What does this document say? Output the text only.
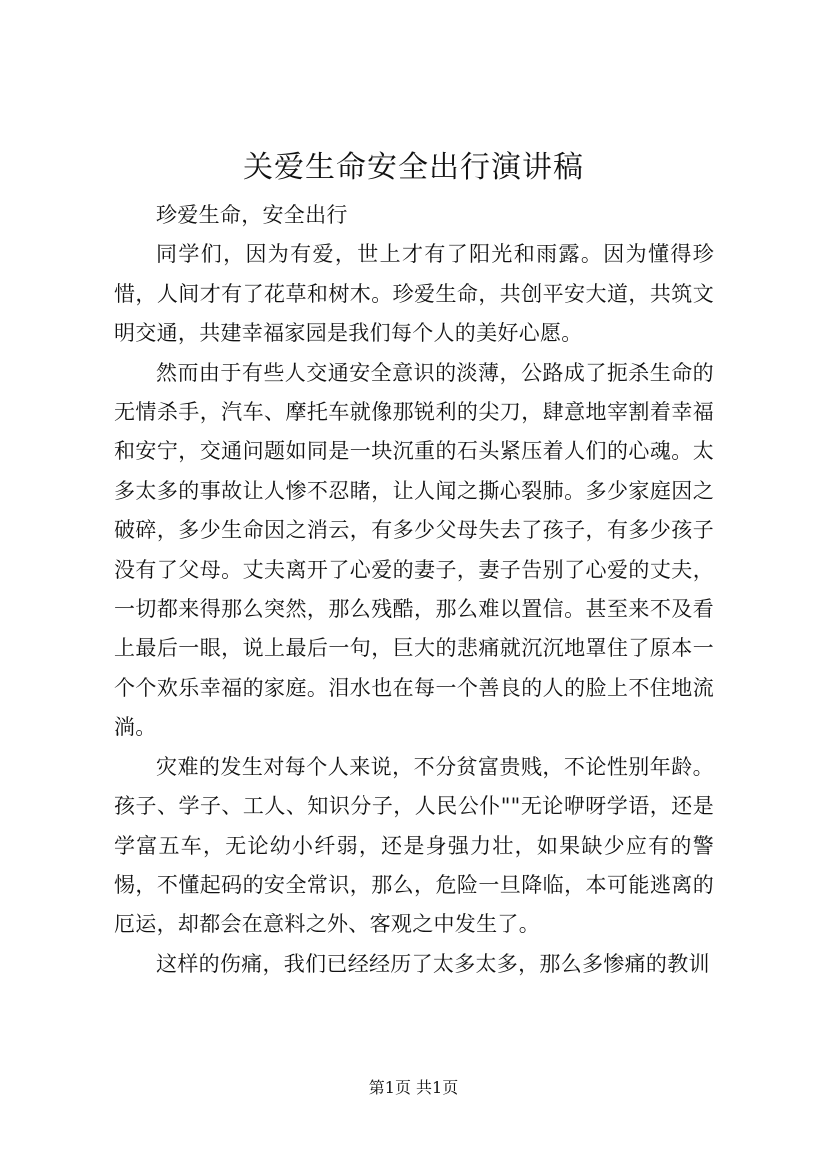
关爱生命安全出行演讲稿

珍爱生命，安全出行

同学们，因为有爱，世上才有了阳光和雨露。因为懂得珍惜，人间才有了花草和树木。珍爱生命，共创平安大道，共筑文明交通，共建幸福家园是我们每个人的美好心愿。

然而由于有些人交通安全意识的淡薄，公路成了扼杀生命的无情杀手，汽车、摩托车就像那锐利的尖刀，肆意地宰割着幸福和安宁，交通问题如同是一块沉重的石头紧压着人们的心魂。太多太多的事故让人惨不忍睹，让人闻之撕心裂肺。多少家庭因之破碎，多少生命因之消云，有多少父母失去了孩子，有多少孩子没有了父母。丈夫离开了心爱的妻子，妻子告别了心爱的丈夫，一切都来得那么突然，那么残酷，那么难以置信。甚至来不及看上最后一眼，说上最后一句，巨大的悲痛就沉沉地罩住了原本一个个欢乐幸福的家庭。泪水也在每一个善良的人的脸上不住地流淌。

灾难的发生对每个人来说，不分贫富贵贱，不论性别年龄。孩子、学子、工人、知识分子，人民公仆""无论咿呀学语，还是学富五车，无论幼小纤弱，还是身强力壮，如果缺少应有的警惕，不懂起码的安全常识，那么，危险一旦降临，本可能逃离的厄运，却都会在意料之外、客观之中发生了。

这样的伤痛，我们已经经历了太多太多，那么多惨痛的教训

第1页 共1页
